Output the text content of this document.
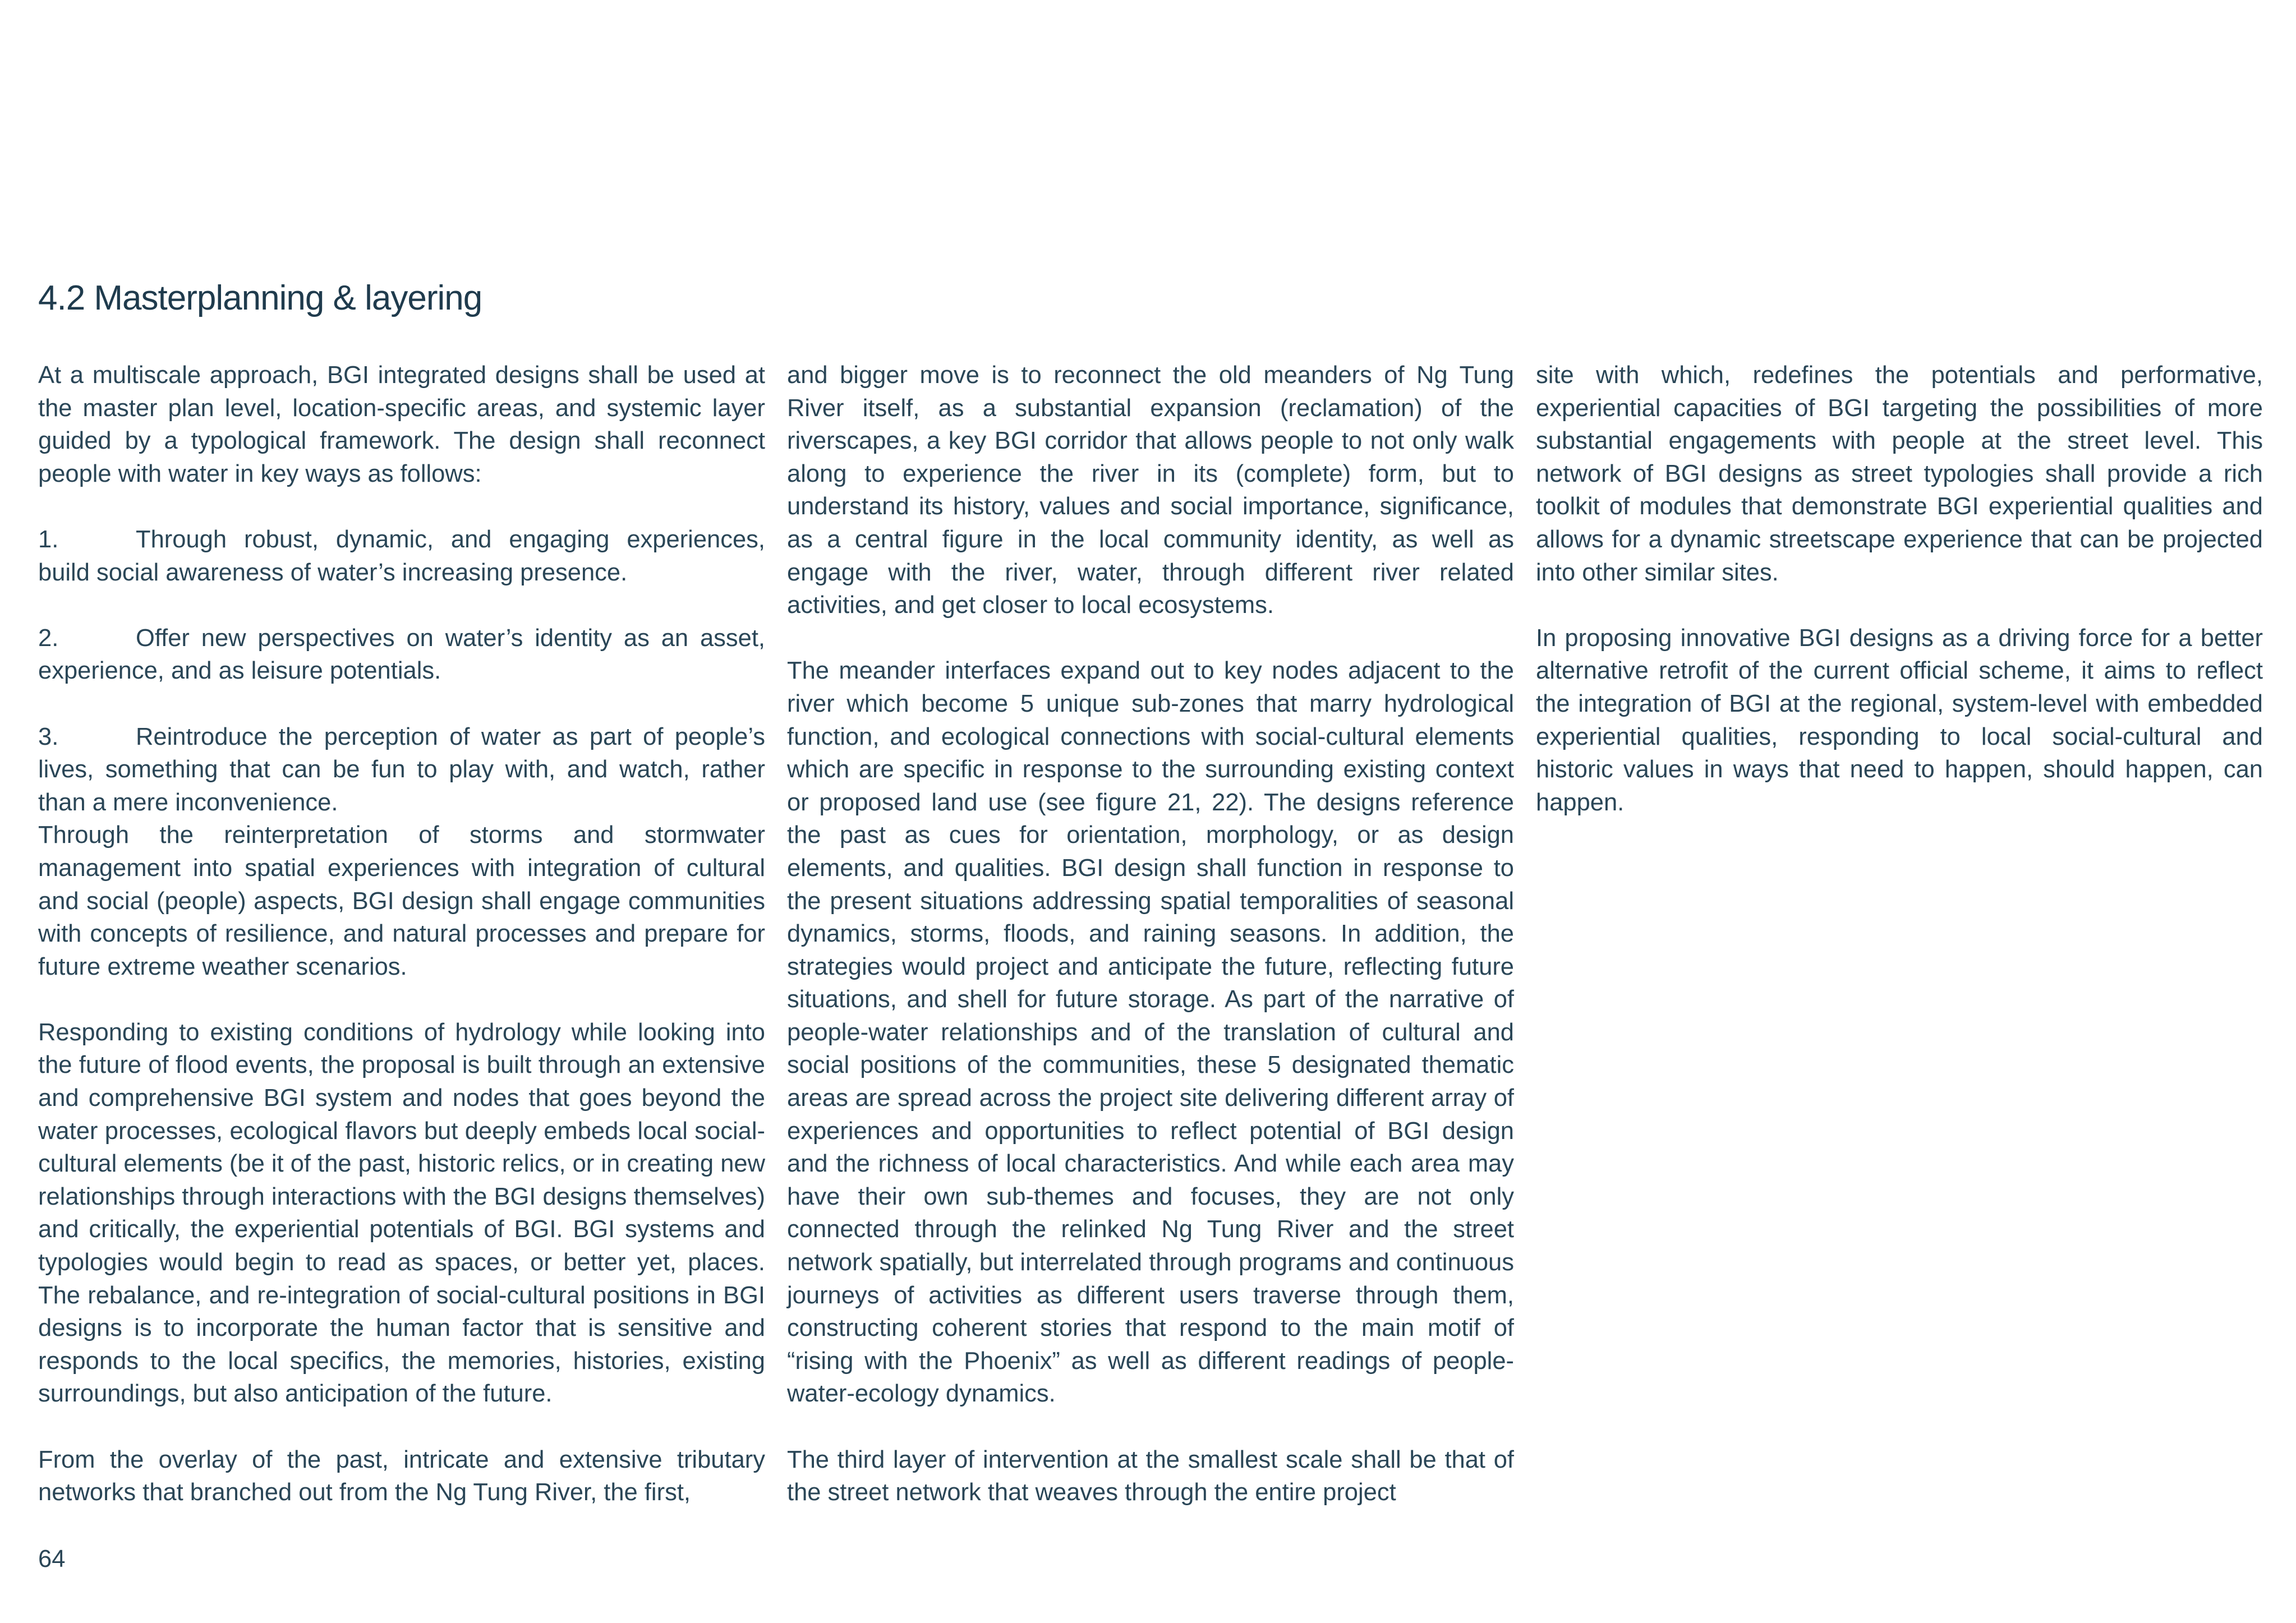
4.2 Masterplanning & layering

At a multiscale approach, BGI integrated designs shall be used at the master plan level, location-specific areas, and systemic layer guided by a typological framework. The design shall reconnect people with water in key ways as follows:

1.	Through robust, dynamic, and engaging experiences, build social awareness of water’s increasing presence.

2.	Offer new perspectives on water’s identity as an asset, experience, and as leisure potentials.

3.	Reintroduce the perception of water as part of people’s lives, something that can be fun to play with, and watch, rather than a mere inconvenience.

Through the reinterpretation of storms and stormwater management into spatial experiences with integration of cultural and social (people) aspects, BGI design shall engage communities with concepts of resilience, and natural processes and prepare for future extreme weather scenarios.

Responding to existing conditions of hydrology while looking into the future of flood events, the proposal is built through an extensive and comprehensive BGI system and nodes that goes beyond the water processes, ecological flavors but deeply embeds local social-cultural elements (be it of the past, historic relics, or in creating new relationships through interactions with the BGI designs themselves) and critically, the experiential potentials of BGI. BGI systems and typologies would begin to read as spaces, or better yet, places. The rebalance, and re-integration of social-cultural positions in BGI designs is to incorporate the human factor that is sensitive and responds to the local specifics, the memories, histories, existing surroundings, but also anticipation of the future.

From the overlay of the past, intricate and extensive tributary networks that branched out from the Ng Tung River, the first,

and bigger move is to reconnect the old meanders of Ng Tung River itself, as a substantial expansion (reclamation) of the riverscapes, a key BGI corridor that allows people to not only walk along to experience the river in its (complete) form, but to understand its history, values and social importance, significance, as a central figure in the local community identity, as well as engage with the river, water, through different river related activities, and get closer to local ecosystems.

The meander interfaces expand out to key nodes adjacent to the river which become 5 unique sub-zones that marry hydrological function, and ecological connections with social-cultural elements which are specific in response to the surrounding existing context or proposed land use (see figure 21, 22). The designs reference the past as cues for orientation, morphology, or as design elements, and qualities. BGI design shall function in response to the present situations addressing spatial temporalities of seasonal dynamics, storms, floods, and raining seasons. In addition, the strategies would project and anticipate the future, reflecting future situations, and shell for future storage. As part of the narrative of people-water relationships and of the translation of cultural and social positions of the communities, these 5 designated thematic areas are spread across the project site delivering different array of experiences and opportunities to reflect potential of BGI design and the richness of local characteristics. And while each area may have their own sub-themes and focuses, they are not only connected through the relinked Ng Tung River and the street network spatially, but interrelated through programs and continuous journeys of activities as different users traverse through them, constructing coherent stories that respond to the main motif of “rising with the Phoenix” as well as different readings of people-water-ecology dynamics.

The third layer of intervention at the smallest scale shall be that of the street network that weaves through the entire project

site with which, redefines the potentials and performative, experiential capacities of BGI targeting the possibilities of more substantial engagements with people at the street level. This network of BGI designs as street typologies shall provide a rich toolkit of modules that demonstrate BGI experiential qualities and allows for a dynamic streetscape experience that can be projected into other similar sites.

In proposing innovative BGI designs as a driving force for a better alternative retrofit of the current official scheme, it aims to reflect the integration of BGI at the regional, system-level with embedded experiential qualities, responding to local social-cultural and historic values in ways that need to happen, should happen, can happen.

64
